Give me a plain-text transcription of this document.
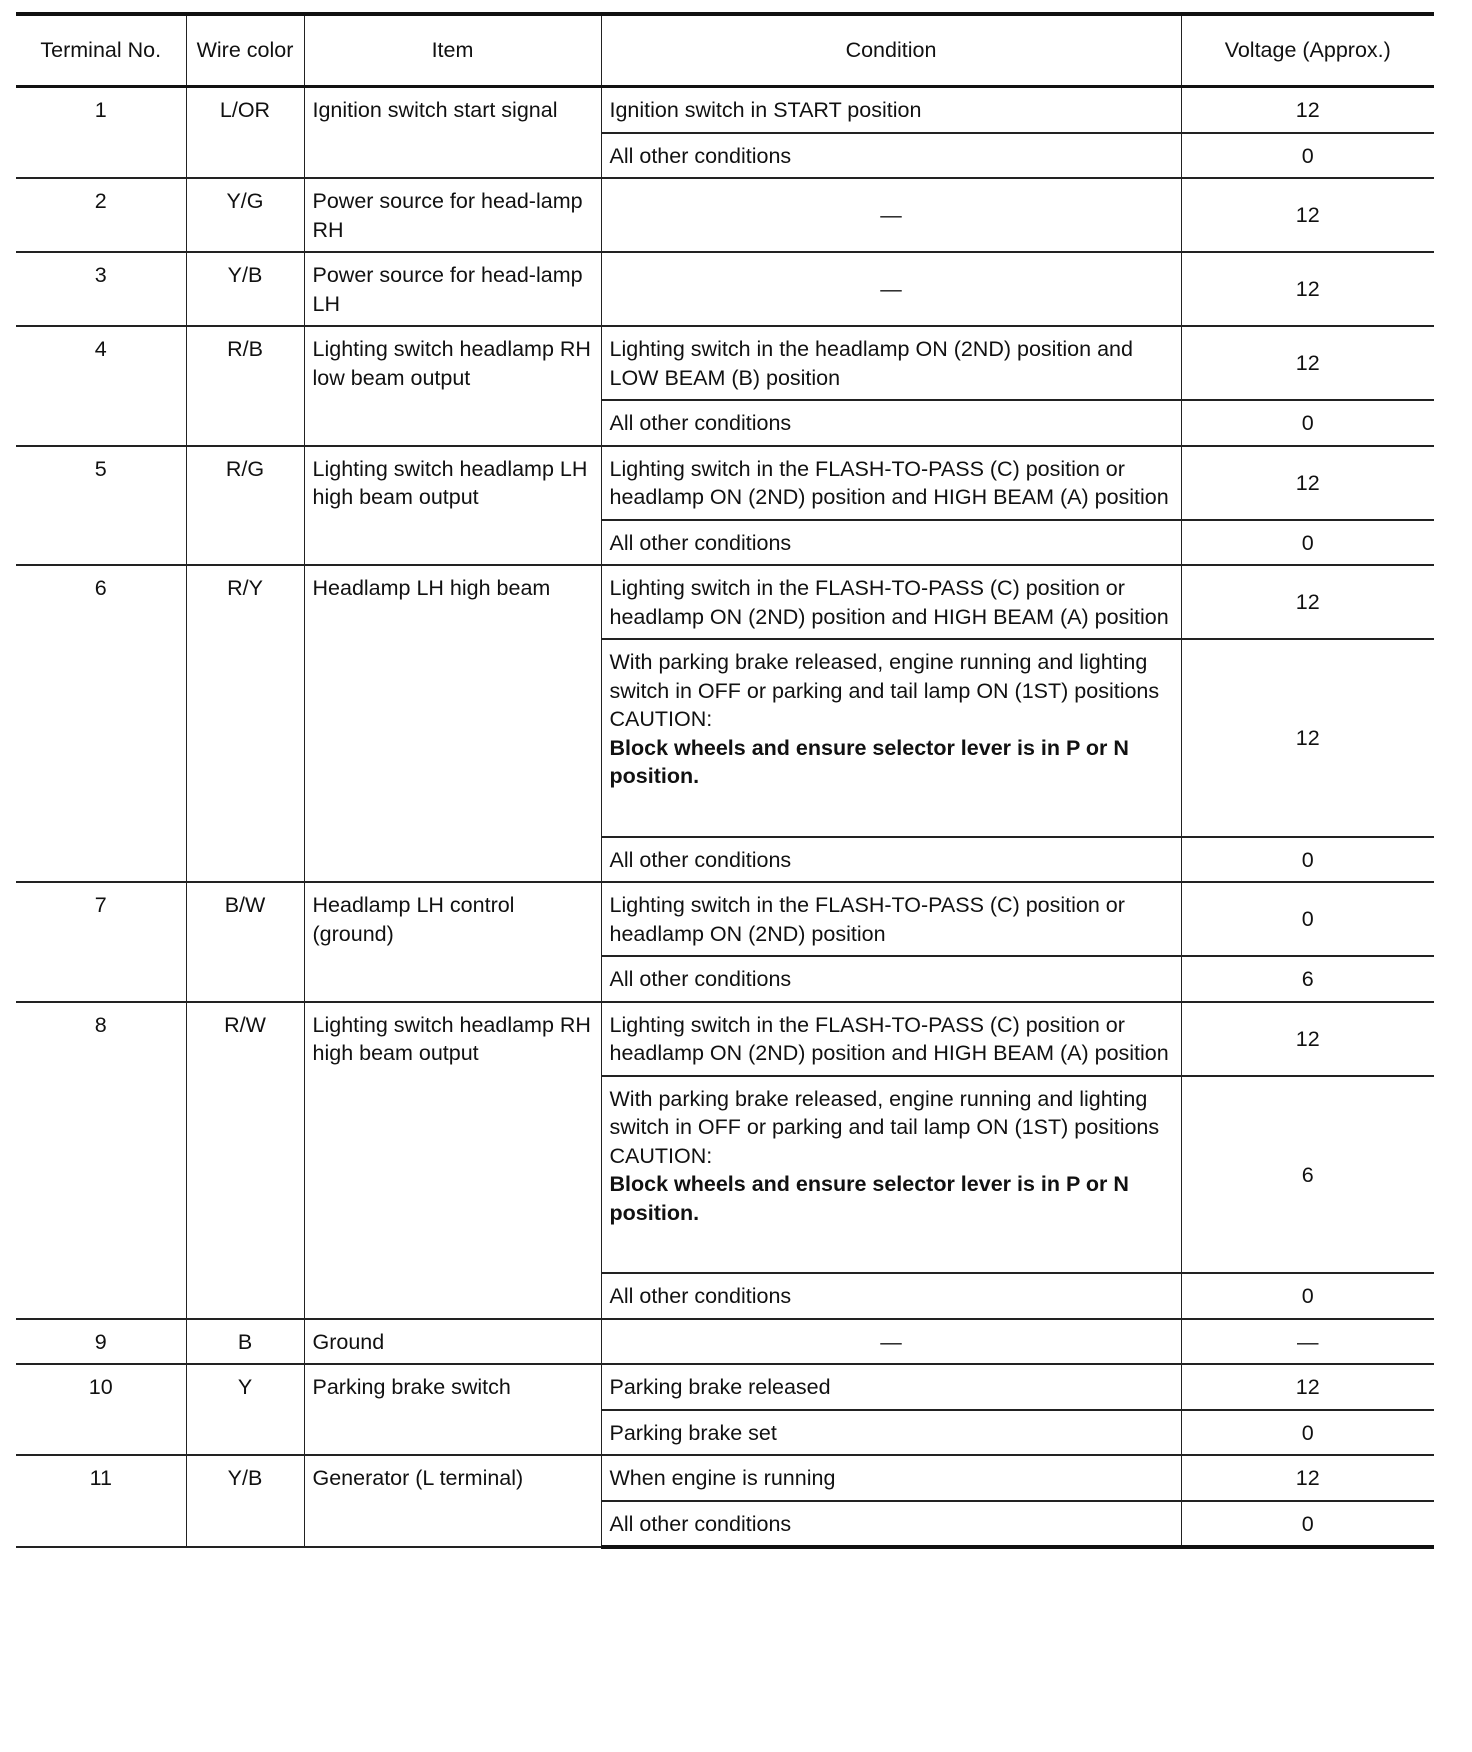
Terminal No.	Wire color	Item	Condition	Voltage (Approx.)
1	L/OR	Ignition switch start signal	Ignition switch in START position	12
			All other conditions	0
2	Y/G	Power source for head-lamp RH	—	12
3	Y/B	Power source for head-lamp LH	—	12
4	R/B	Lighting switch headlamp RH low beam output	Lighting switch in the headlamp ON (2ND) position and LOW BEAM (B) position	12
			All other conditions	0
5	R/G	Lighting switch headlamp LH high beam output	Lighting switch in the FLASH-TO-PASS (C) position or headlamp ON (2ND) position and HIGH BEAM (A) position	12
			All other conditions	0
6	R/Y	Headlamp LH high beam	Lighting switch in the FLASH-TO-PASS (C) position or headlamp ON (2ND) position and HIGH BEAM (A) position	12
			With parking brake released, engine running and lighting switch in OFF or parking and tail lamp ON (1ST) positions
CAUTION:
Block wheels and ensure selector lever is in P or N position.	12
			All other conditions	0
7	B/W	Headlamp LH control (ground)	Lighting switch in the FLASH-TO-PASS (C) position or headlamp ON (2ND) position	0
			All other conditions	6
8	R/W	Lighting switch headlamp RH high beam output	Lighting switch in the FLASH-TO-PASS (C) position or headlamp ON (2ND) position and HIGH BEAM (A) position	12
			With parking brake released, engine running and lighting switch in OFF or parking and tail lamp ON (1ST) positions
CAUTION:
Block wheels and ensure selector lever is in P or N position.	6
			All other conditions	0
9	B	Ground	—	—
10	Y	Parking brake switch	Parking brake released	12
			Parking brake set	0
11	Y/B	Generator (L terminal)	When engine is running	12
			All other conditions	0
